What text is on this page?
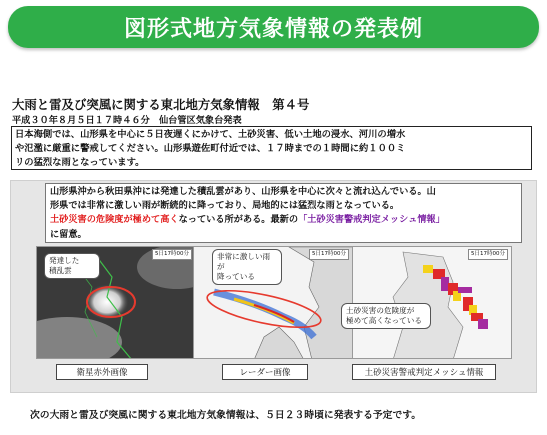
図形式地方気象情報の発表例
大雨と雷及び突風に関する東北地方気象情報　第４号
平成３０年８月５日１７時４６分　仙台管区気象台発表
日本海側では、山形県を中心に５日夜遅くにかけて、土砂災害、低い土地の浸水、河川の増水
や氾濫に厳重に警戒してください。山形県遊佐町付近では、１７時までの１時間に約１００ミ
リの猛烈な雨となっています。
山形県沖から秋田県沖には発達した積乱雲があり、山形県を中心に次々と流れ込んでいる。山
形県では非常に激しい雨が断続的に降っており、局地的には猛烈な雨となっている。
土砂災害の危険度が極めて高くなっている所がある。最新の「土砂災害警戒判定メッシュ情報」
に留意。
5日17時00分
発達した
積乱雲
衛星赤外画像
5日17時00分
非常に激しい雨が
降っている
レーダー画像
5日17時00分
土砂災害の危険度が
極めて高くなっている
土砂災害警戒判定メッシュ情報
次の大雨と雷及び突風に関する東北地方気象情報は、５日２３時頃に発表する予定です。
